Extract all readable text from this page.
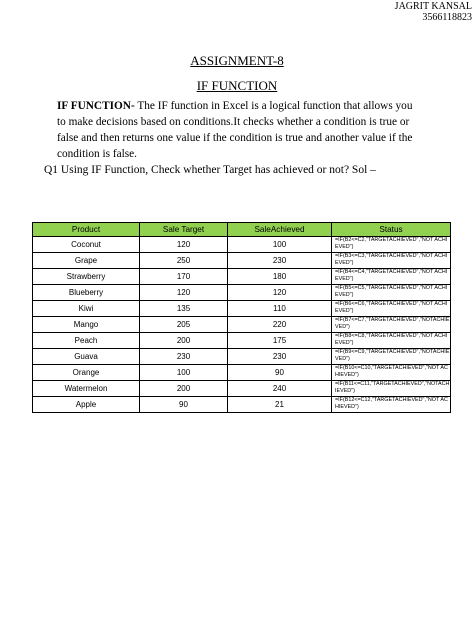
JAGRIT KANSAL
3566118823
ASSIGNMENT-8
IF FUNCTION

IF FUNCTION- The IF function in Excel is a logical function that allows you to make decisions based on conditions.It checks whether a condition is true or false and then returns one value if the condition is true and another value if the condition is false.

Q1 Using IF Function, Check whether Target has achieved or not? Sol –
Product	Sale Target	SaleAchieved	Status
Coconut	120	100	=IF(B2<=C2,"TARGETACHIEVED","NOT ACHIEVED")
Grape	250	230	=IF(B3<=C3,"TARGETACHIEVED","NOT ACHIEVED")
Strawberry	170	180	=IF(B4<=C4,"TARGETACHIEVED","NOT ACHIEVED")
Blueberry	120	120	=IF(B5<=C5,"TARGETACHIEVED","NOT ACHIEVED")
Kiwi	135	110	=IF(B6<=C6,"TARGETACHIEVED","NOT ACHIEVED")
Mango	205	220	=IF(B7<=C7,"TARGETACHIEVED","NOTACHIEVED")
Peach	200	175	=IF(B8<=C8,"TARGETACHIEVED","NOT ACHIEVED")
Guava	230	230	=IF(B9<=C9,"TARGETACHIEVED","NOTACHIEVED")
Orange	100	90	=IF(B10<=C10,"TARGETACHIEVED","NOT ACHIEVED")
Watermelon	200	240	=IF(B11<=C11,"TARGETACHIEVED","NOTACHIEVED")
Apple	90	21	=IF(B12<=C12,"TARGETACHIEVED","NOT ACHIEVED")
